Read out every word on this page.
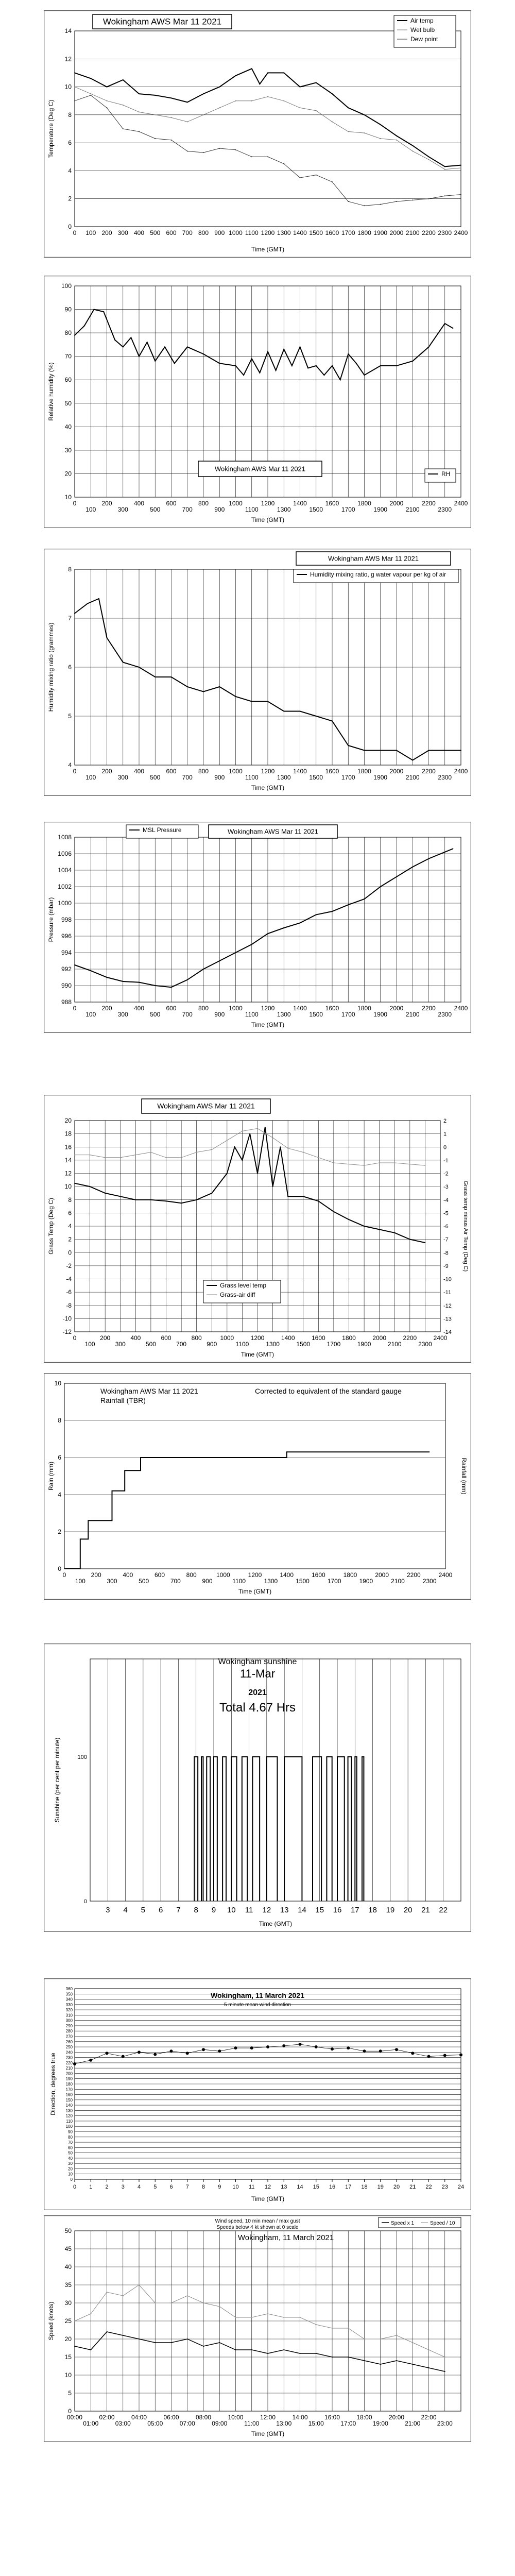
0
2
4
6
8
10
12
14
0 100 200 300 400 500 600 700 800 900 1000 1100 1200 1300 1400 1500 1600 1700 1800 1900 2000 2100 2200 2300 2400
Time (GMT)
Temperature (Deg C)
Wokingham AWS Mar 11 2021	Air temp
Wet bulb
Dew point
10
20
30
40
50
60
70
80
90
100
0
100
200
300
400
500
600
700
800
900
1000
1100
1200
1300
1400
1500
1600
1700
1800
1900
2000
2100
2200
2300
2400
Time (GMT)
Relative humidity (%)
Wokingham AWS Mar 11 2021
RH
4
5
6
7
8
0
100
200
300
400
500
600
700
800
900
1000
1100
1200
1300
1400
1500
1600
1700
1800
1900
2000
2100
2200
2300
2400
Time (GMT)
Humidity mixing ratio (grammes)
Wokingham AWS Mar 11 2021
Humidity mixing ratio, g water vapour per kg of air
988
990
992
994
996
998
1000
1002
1004
1006
1008
0
100
200
300
400
500
600
700
800
900
1000
1100
1200
1300
1400
1500
1600
1700
1800
1900
2000
2100
2200
2300
2400
Time (GMT)
Pressure (mbar)
Wokingham AWS Mar 11 2021
MSL Pressure
-12
-10
-8
-6
-4
-2
0
2
4
6
8
10
12
14
16
18
20
0
100
200
300
400
500
600
700
800
900
1000
1100
1200
1300
1400
1500
1600
1700
1800
1900
2000
2100
2200
2300
2400
Time (GMT)
Grass Temp (Deg C)
-14
-13
-12
-11
-10
-9
-8
-7
-6
-5
-4
-3
-2
-1
0
1
2
Grass temp minus Air Temp (Deg C)
Wokingham AWS Mar 11 2021
Grass level temp
Grass-air diff
0
2
4
6
8
10
0
100
200
300
400
500
600
700
800
900
1000
1100
1200
1300
1400
1500
1600
1700
1800
1900
2000
2100
2200
2300
2400
Time (GMT)
Rain (mm)	Rainfall (mm)
Wokingham AWS Mar 11 2021
Rainfall (TBR)
Corrected to equivalent of the standard gauge
3 4 5 6 7 8 9 10 11 12 13 14 15 16 17 18 19 20 21 22
0
100
Time (GMT)
Sunshine (per cent per minute)
Wokingham sunshine
11-Mar
2021
Total 4.67 Hrs
0
10
20
30
40
50
60
70
80
90
100
110
120
130
140
150
160
170
180
190
200
210
220
230
240
250
260
270
280
290
300
310
320
330
340
350
360
0 1 2 3 4 5 6 7 8 9 10 11 12 13 14 15 16 17 18 19 20 21 22 23 24
Time (GMT)
Direction, degrees true
Wokingham, 11 March 2021
5 minute mean wind direction
0
5
10
15
20
25
30
35
40
45
50
00:00
01:00
02:00
03:00
04:00
05:00
06:00
07:00
08:00
09:00
10:00
11:00
12:00
13:00
14:00
15:00
16:00
17:00
18:00
19:00
20:00
21:00
22:00
23:00
Time (GMT)
Speed (knots)
Wind speed, 10 min mean / max gust
Speeds below 4 kt shown at 0 scale
Wokingham, 11 March 2021
Speed x 1	Speed / 10
